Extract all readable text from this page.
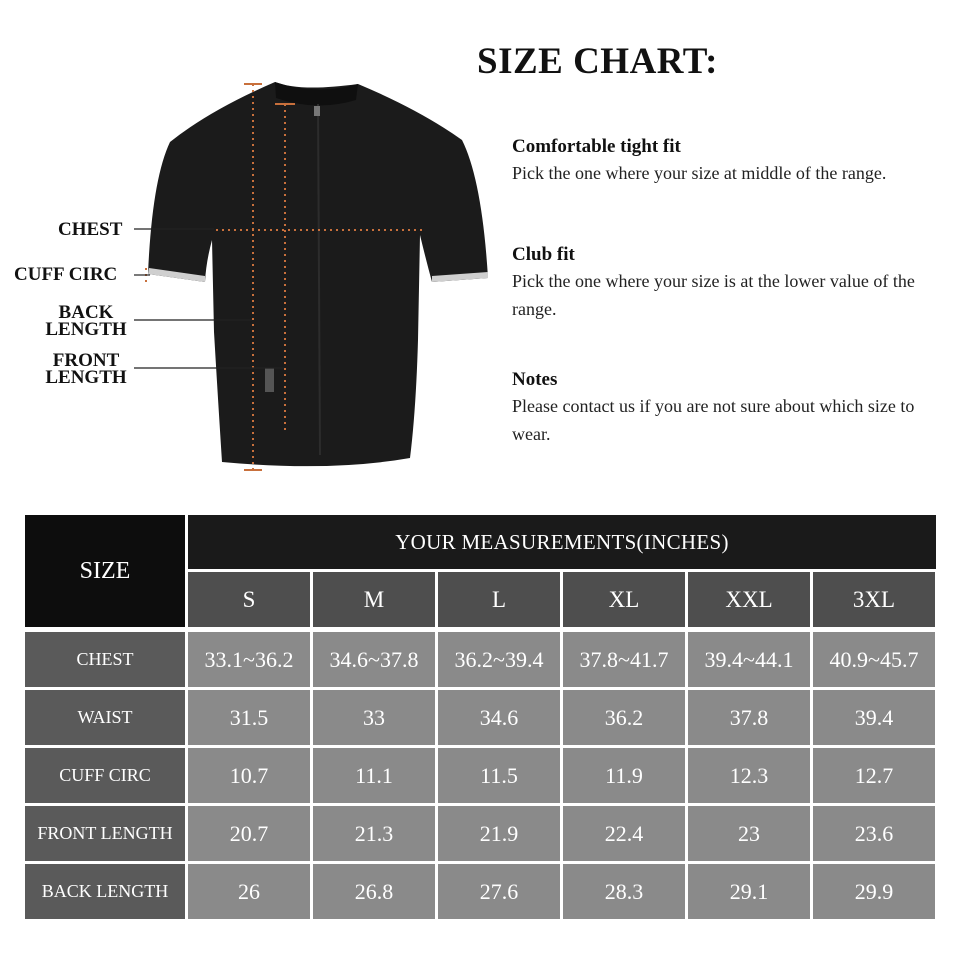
CHEST
CUFF CIRC
BACK
LENGTH
FRONT
LENGTH
SIZE CHART:
Comfortable tight fit
Pick the one where your size at middle of the range.
Club fit
Pick the one where your size is at the lower value of the range.
Notes
Please contact us if you are not sure about which size to wear.
SIZE
YOUR MEASUREMENTS(INCHES)
S	M	L	XL	XXL	3XL
CHEST	33.1~36.2	34.6~37.8	36.2~39.4	37.8~41.7	39.4~44.1	40.9~45.7
WAIST	31.5	33	34.6	36.2	37.8	39.4
CUFF CIRC	10.7	11.1	11.5	11.9	12.3	12.7
FRONT LENGTH	20.7	21.3	21.9	22.4	23	23.6
BACK LENGTH	26	26.8	27.6	28.3	29.1	29.9
